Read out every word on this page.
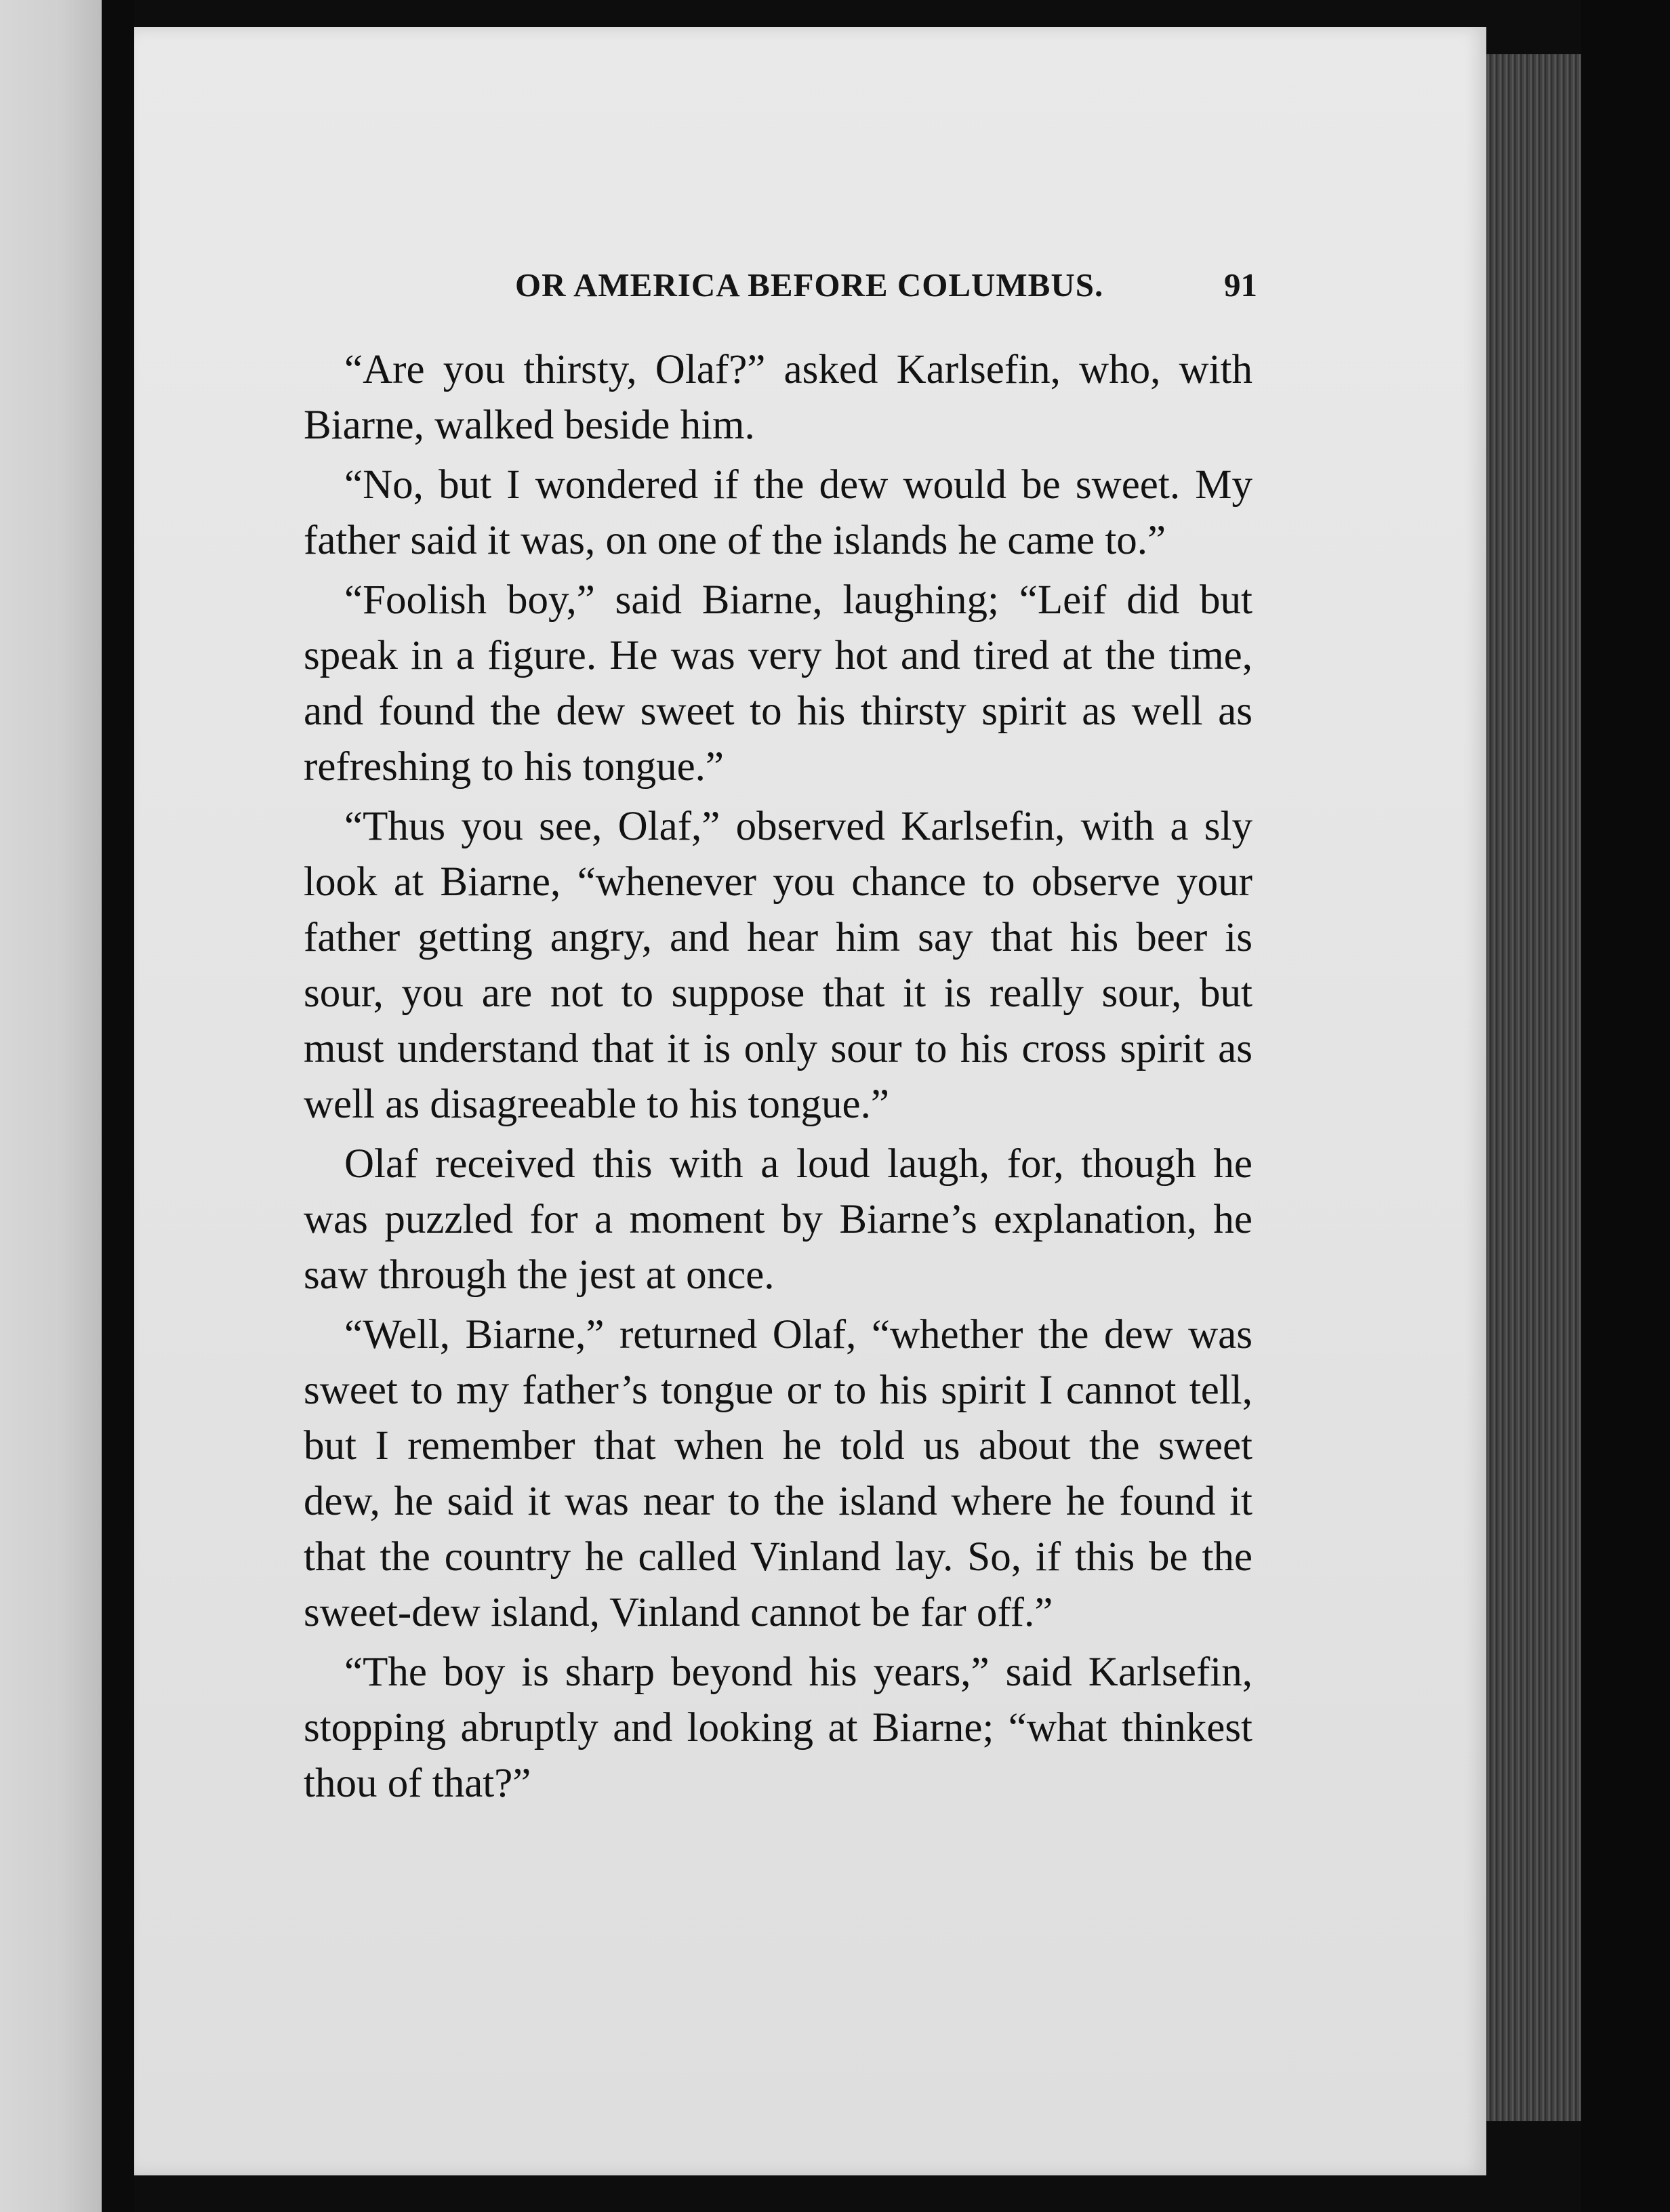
OR AMERICA BEFORE COLUMBUS.	91

“Are you thirsty, Olaf?” asked Karlsefin, who, with Biarne, walked beside him.

“No, but I wondered if the dew would be sweet. My father said it was, on one of the islands he came to.”

“Foolish boy,” said Biarne, laughing; “Leif did but speak in a figure. He was very hot and tired at the time, and found the dew sweet to his thirsty spirit as well as refreshing to his tongue.”

“Thus you see, Olaf,” observed Karlsefin, with a sly look at Biarne, “whenever you chance to observe your father getting angry, and hear him say that his beer is sour, you are not to suppose that it is really sour, but must understand that it is only sour to his cross spirit as well as disagreeable to his tongue.”

Olaf received this with a loud laugh, for, though he was puzzled for a moment by Biarne’s explanation, he saw through the jest at once.

“Well, Biarne,” returned Olaf, “whether the dew was sweet to my father’s tongue or to his spirit I cannot tell, but I remember that when he told us about the sweet dew, he said it was near to the island where he found it that the country he called Vinland lay. So, if this be the sweet-dew island, Vinland cannot be far off.”

“The boy is sharp beyond his years,” said Karlsefin, stopping abruptly and looking at Biarne; “what thinkest thou of that?”
